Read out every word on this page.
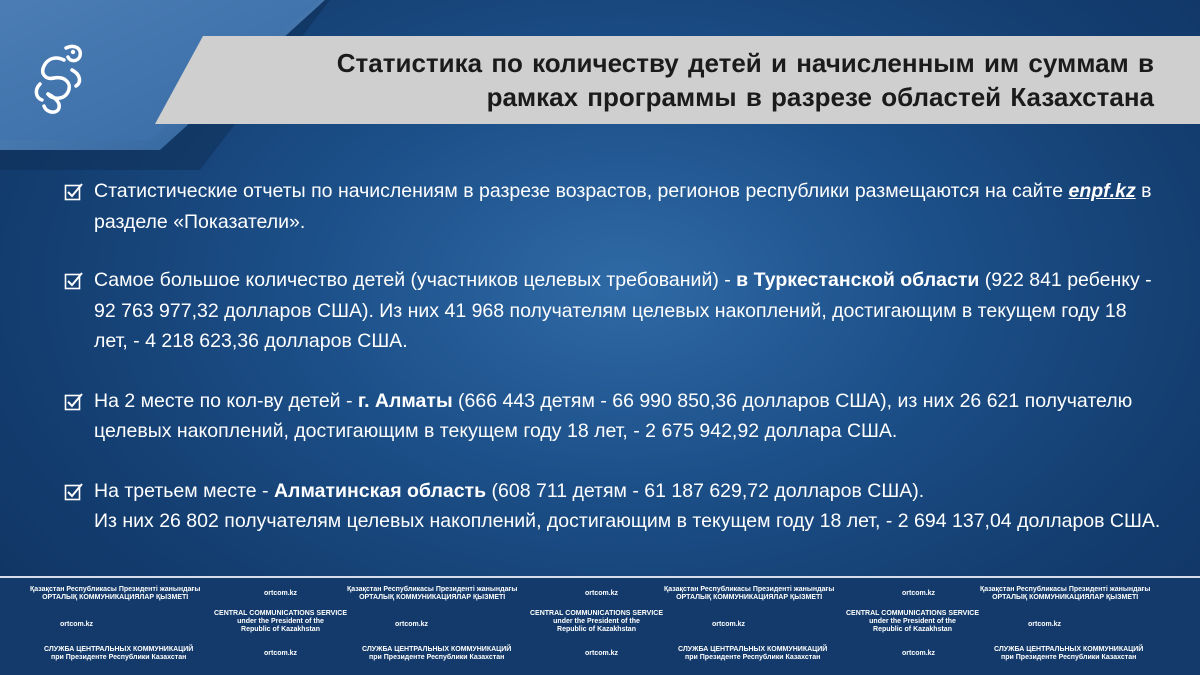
Статистика по количеству детей и начисленным им суммам в
рамках программы в разрезе областей Казахстана
Статистические отчеты по начислениям в разрезе возрастов, регионов республики размещаются на сайте enpf.kz в разделе «Показатели».
Самое большое количество детей (участников целевых требований) - в Туркестанской области (922 841 ребенку - 92 763 977,32 долларов США). Из них 41 968 получателям целевых накоплений, достигающим в текущем году 18 лет, - 4 218 623,36 долларов США.
На 2 месте по кол-ву детей - г. Алматы (666 443 детям - 66 990 850,36 долларов США), из них 26 621 получателю целевых накоплений, достигающим в текущем году 18 лет, - 2 675 942,92 доллара США.
На третьем месте - Алматинская область (608 711 детям - 61 187 629,72 долларов США).
Из них 26 802 получателям целевых накоплений, достигающим в текущем году 18 лет, - 2 694 137,04 долларов США.
Қазақстан Республикасы Президенті жанындағы
ОРТАЛЫҚ КОММУНИКАЦИЯЛАР ҚЫЗМЕТІ
ortcom.kz
Қазақстан Республикасы Президенті жанындағы
ОРТАЛЫҚ КОММУНИКАЦИЯЛАР ҚЫЗМЕТІ
ortcom.kz
Қазақстан Республикасы Президенті жанындағы
ОРТАЛЫҚ КОММУНИКАЦИЯЛАР ҚЫЗМЕТІ
ortcom.kz
Қазақстан Республикасы Президенті жанындағы
ОРТАЛЫҚ КОММУНИКАЦИЯЛАР ҚЫЗМЕТІ
ortcom.kz
CENTRAL COMMUNICATIONS SERVICE
under the President of the
Republic of Kazakhstan
ortcom.kz
CENTRAL COMMUNICATIONS SERVICE
under the President of the
Republic of Kazakhstan
ortcom.kz
CENTRAL COMMUNICATIONS SERVICE
under the President of the
Republic of Kazakhstan
ortcom.kz
СЛУЖБА ЦЕНТРАЛЬНЫХ КОММУНИКАЦИЙ
при Президенте Республики Казахстан
ortcom.kz
СЛУЖБА ЦЕНТРАЛЬНЫХ КОММУНИКАЦИЙ
при Президенте Республики Казахстан
ortcom.kz
СЛУЖБА ЦЕНТРАЛЬНЫХ КОММУНИКАЦИЙ
при Президенте Республики Казахстан
ortcom.kz
СЛУЖБА ЦЕНТРАЛЬНЫХ КОММУНИКАЦИЙ
при Президенте Республики Казахстан
